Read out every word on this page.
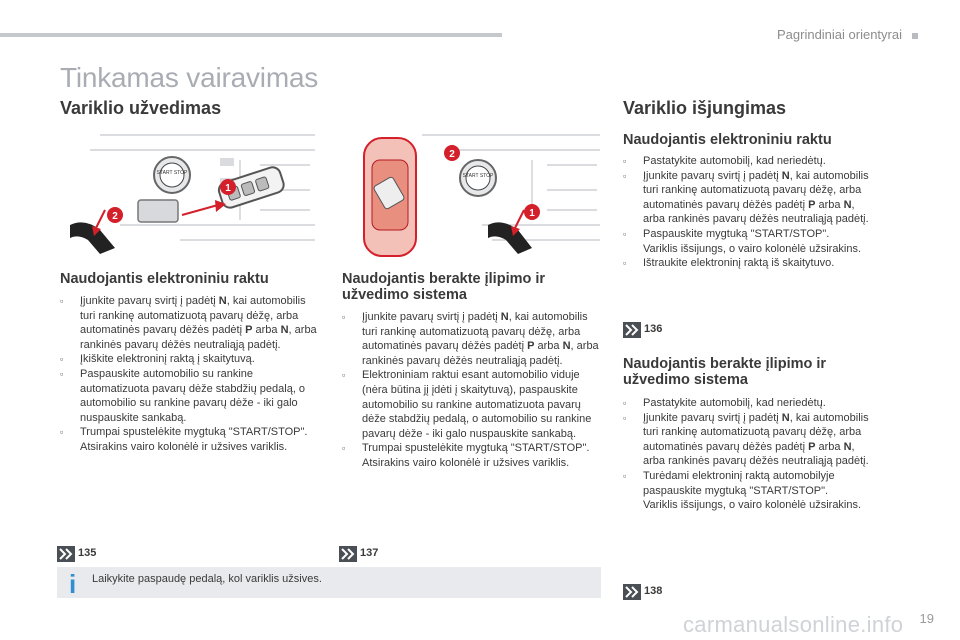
Pagrindiniai orientyrai
Tinkamas vairavimas
Variklio užvedimas
START STOP
1
2
START STOP
2
1
Naudojantis elektroniniu raktu
▫ Įjunkite pavarų svirtį į padėtį N, kai automobilis turi rankinę automatizuotą pavarų dėžę, arba automatinės pavarų dėžės padėtį P arba N, arba rankinės pavarų dėžės neutraliąją padėtį.
▫ Įkiškite elektroninį raktą į skaitytuvą.
▫ Paspauskite automobilio su rankine automatizuota pavarų dėže stabdžių pedalą, o automobilio su rankine pavarų dėže - iki galo nuspauskite sankabą.
▫ Trumpai spustelėkite mygtuką "START/STOP".
Atsirakins vairo kolonėlė ir užsives variklis.
135
Naudojantis berakte įlipimo ir užvedimo sistema
▫ Įjunkite pavarų svirtį į padėtį N, kai automobilis turi rankinę automatizuotą pavarų dėžę, arba automatinės pavarų dėžės padėtį P arba N, arba rankinės pavarų dėžės neutraliąją padėtį.
▫ Elektroniniam raktui esant automobilio viduje (nėra būtina jį įdėti į skaitytuvą), paspauskite automobilio su rankine automatizuota pavarų dėže stabdžių pedalą, o automobilio su rankine pavarų dėže - iki galo nuspauskite sankabą.
▫ Trumpai spustelėkite mygtuką "START/STOP".
Atsirakins vairo kolonėlė ir užsives variklis.
137
i Laikykite paspaudę pedalą, kol variklis užsives.
Variklio išjungimas
Naudojantis elektroniniu raktu
▫ Pastatykite automobilį, kad neriedėtų.
▫ Įjunkite pavarų svirtį į padėtį N, kai automobilis turi rankinę automatizuotą pavarų dėžę, arba automatinės pavarų dėžės padėtį P arba N, arba rankinės pavarų dėžės neutraliąją padėtį.
▫ Paspauskite mygtuką "START/STOP".
Variklis išsijungs, o vairo kolonėlė užsirakins.
▫ Ištraukite elektroninį raktą iš skaitytuvo.
136
Naudojantis berakte įlipimo ir užvedimo sistema
▫ Pastatykite automobilį, kad neriedėtų.
▫ Įjunkite pavarų svirtį į padėtį N, kai automobilis turi rankinę automatizuotą pavarų dėžę, arba automatinės pavarų dėžės padėtį P arba N, arba rankinės pavarų dėžės neutraliąją padėtį.
▫ Turėdami elektroninį raktą automobilyje paspauskite mygtuką "START/STOP".
Variklis išsijungs, o vairo kolonėlė užsirakins.
138
carmanualsonline.info 19
